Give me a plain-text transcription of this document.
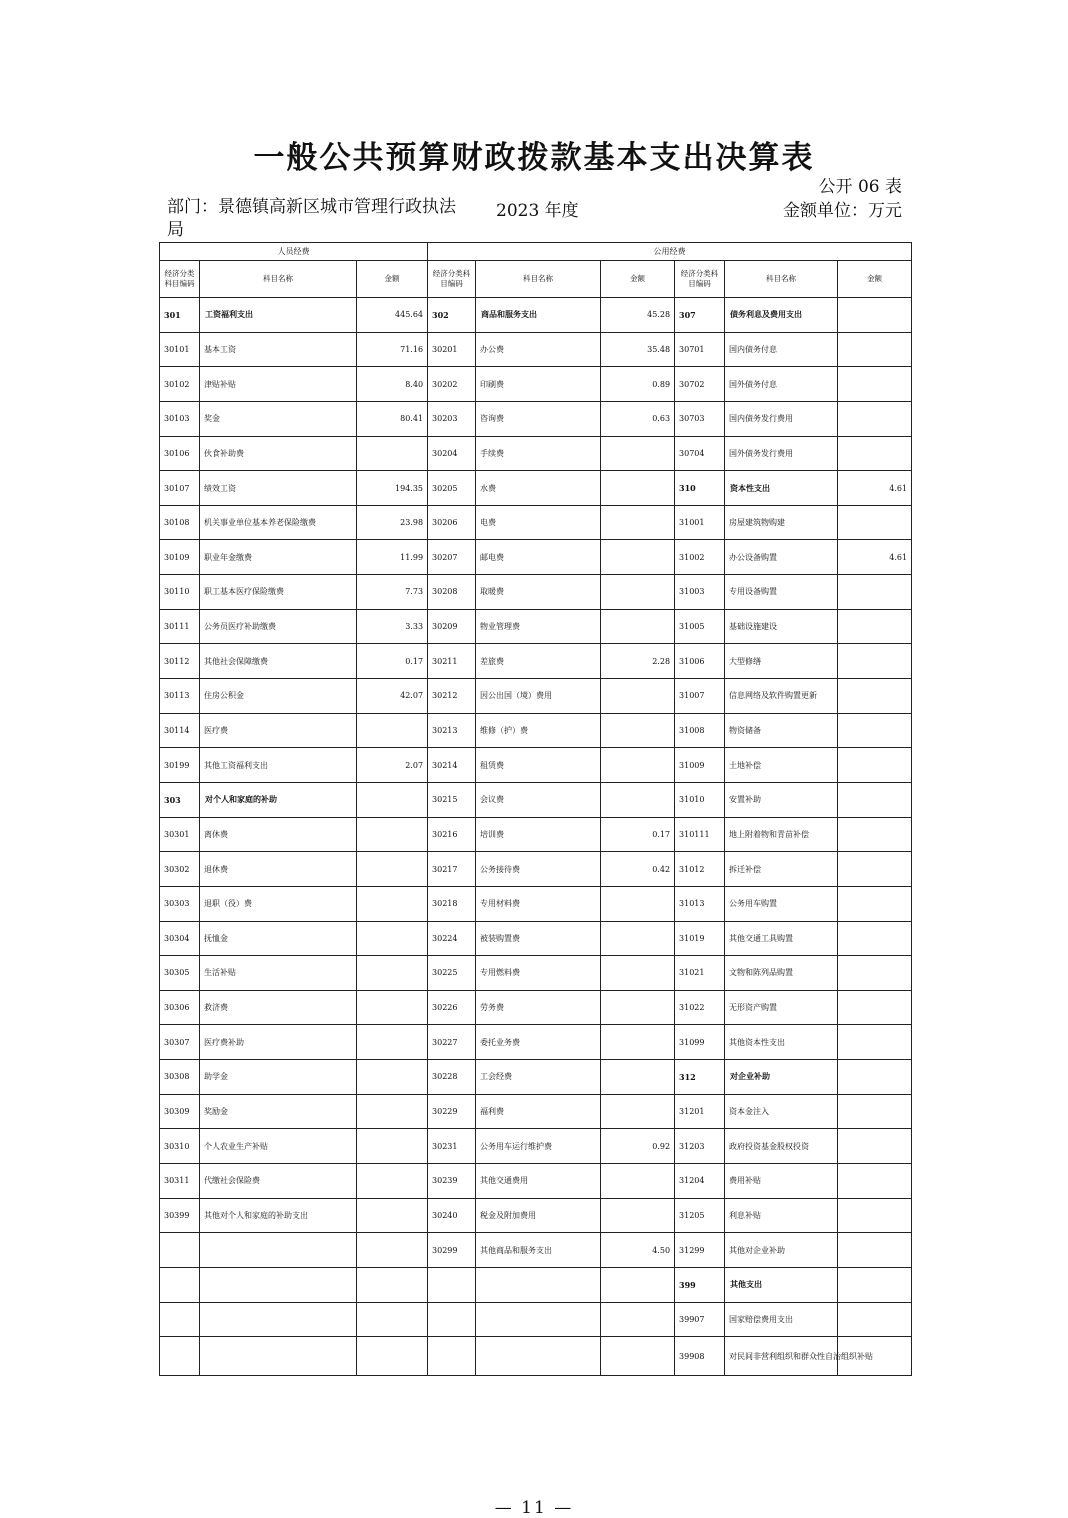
一般公共预算财政拨款基本支出决算表
公开 06 表
部门：景德镇高新区城市管理行政执法局
2023 年度	金额单位：万元
人员经费			公用经费					
经济分类科目编码	科目名称	金额	经济分类科目编码	科目名称	金额	经济分类科目编码	科目名称	金额
301	工资福利支出	445.64	302	商品和服务支出	45.28	307	债务利息及费用支出	
30101	基本工资	71.16	30201	办公费	35.48	30701	国内债务付息	
30102	津贴补贴	8.40	30202	印刷费	0.89	30702	国外债务付息	
30103	奖金	80.41	30203	咨询费	0.63	30703	国内债务发行费用	
30106	伙食补助费		30204	手续费		30704	国外债务发行费用	
30107	绩效工资	194.35	30205	水费		310	资本性支出	4.61
30108	机关事业单位基本养老保险缴费	23.98	30206	电费		31001	房屋建筑物购建	
30109	职业年金缴费	11.99	30207	邮电费		31002	办公设备购置	4.61
30110	职工基本医疗保险缴费	7.73	30208	取暖费		31003	专用设备购置	
30111	公务员医疗补助缴费	3.33	30209	物业管理费		31005	基础设施建设	
30112	其他社会保障缴费	0.17	30211	差旅费	2.28	31006	大型修缮	
30113	住房公积金	42.07	30212	因公出国（境）费用		31007	信息网络及软件购置更新	
30114	医疗费		30213	维修（护）费		31008	物资储备	
30199	其他工资福利支出	2.07	30214	租赁费		31009	土地补偿	
303	对个人和家庭的补助		30215	会议费		31010	安置补助	
30301	离休费		30216	培训费	0.17	310111	地上附着物和青苗补偿	
30302	退休费		30217	公务接待费	0.42	31012	拆迁补偿	
30303	退职（役）费		30218	专用材料费		31013	公务用车购置	
30304	抚恤金		30224	被装购置费		31019	其他交通工具购置	
30305	生活补贴		30225	专用燃料费		31021	文物和陈列品购置	
30306	救济费		30226	劳务费		31022	无形资产购置	
30307	医疗费补助		30227	委托业务费		31099	其他资本性支出	
30308	助学金		30228	工会经费		312	对企业补助	
30309	奖励金		30229	福利费		31201	资本金注入	
30310	个人农业生产补贴		30231	公务用车运行维护费	0.92	31203	政府投资基金股权投资	
30311	代缴社会保险费		30239	其他交通费用		31204	费用补贴	
30399	其他对个人和家庭的补助支出		30240	税金及附加费用		31205	利息补贴	
			30299	其他商品和服务支出	4.50	31299	其他对企业补助	
						399	其他支出	
						39907	国家赔偿费用支出	
						39908	对民间非营利组织和群众性自治组织补贴	
— 11 —
